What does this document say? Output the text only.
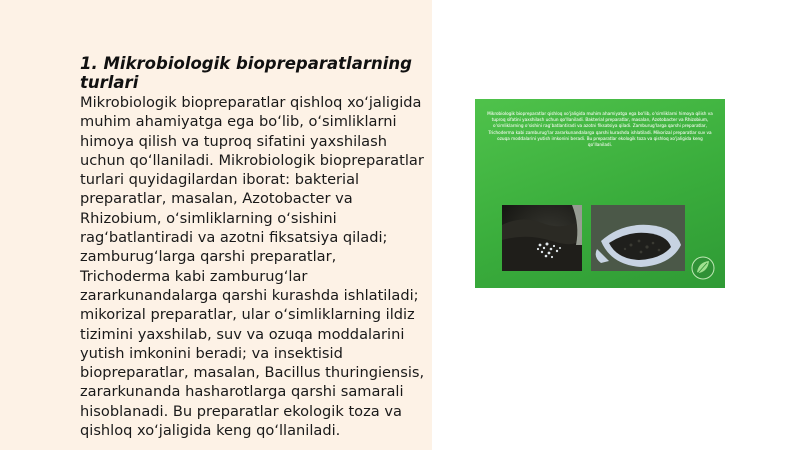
1. Mikrobiologik biopreparatlarning turlari

Mikrobiologik biopreparatlar qishloq xo‘jaligida muhim ahamiyatga ega bo‘lib, o‘simliklarni himoya qilish va tuproq sifatini yaxshilash uchun qo‘llaniladi. Mikrobiologik biopreparatlar turlari quyidagilardan iborat: bakterial preparatlar, masalan, Azotobacter va Rhizobium, o‘simliklarning o‘sishini rag‘batlantiradi va azotni fiksatsiya qiladi; zamburug‘larga qarshi preparatlar, Trichoderma kabi zamburug‘lar zararkunandalarga qarshi kurashda ishlatiladi; mikorizal preparatlar, ular o‘simliklarning ildiz tizimini yaxshilab, suv va ozuqa moddalarini yutish imkonini beradi; va insektisid biopreparatlar, masalan, Bacillus thuringiensis, zararkunanda hasharotlarga qarshi samarali hisoblanadi. Bu preparatlar ekologik toza va qishloq xo‘jaligida keng qo‘llaniladi.

Mikrobiologik biopreparatlar qishloq xo‘jaligida muhim ahamiyatga ega bo‘lib, o‘simliklarni himoya qilish va tuproq sifatini yaxshilash uchun qo‘llaniladi. Bakterial preparatlar, masalan, Azotobacter va Rhizobium, o‘simliklarning o‘sishini rag‘batlantiradi va azotni fiksatsiya qiladi. Zamburug‘larga qarshi preparatlar, Trichoderma kabi zamburug‘lar zararkunandalarga qarshi kurashda ishlatiladi. Mikorizal preparatlar suv va ozuqa moddalarini yutish imkonini beradi. Bu preparatlar ekologik toza va qishloq xo‘jaligida keng qo‘llaniladi.
